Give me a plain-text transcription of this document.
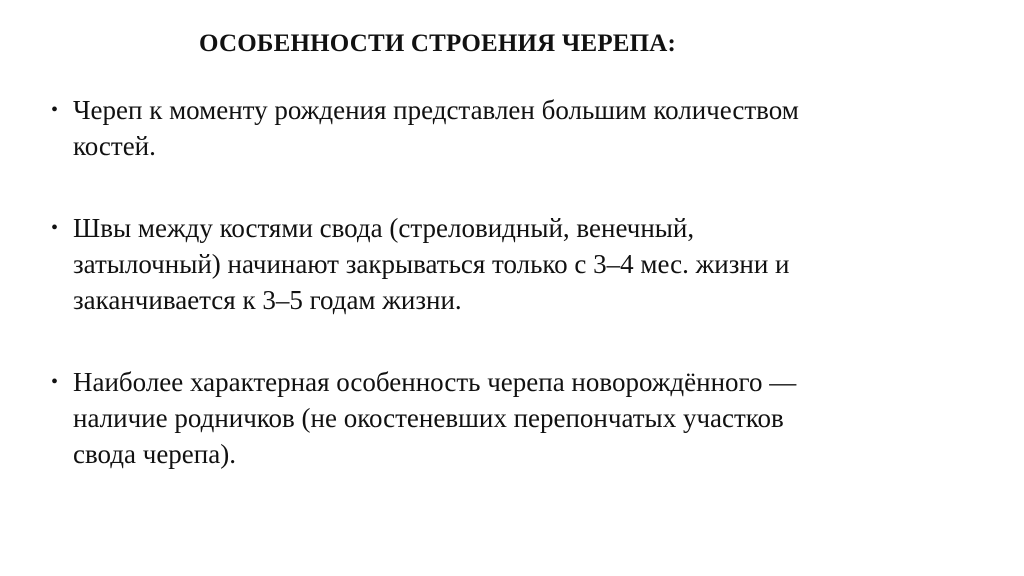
ОСОБЕННОСТИ СТРОЕНИЯ ЧЕРЕПА:
• Череп к моменту рождения представлен большим количеством
костей.
• Швы между костями свода (стреловидный, венечный,
затылочный) начинают закрываться только с 3–4 мес. жизни и
заканчивается к 3–5 годам жизни.
• Наиболее характерная особенность черепа новорождённого —
наличие родничков (не окостеневших перепончатых участков
свода черепа).
